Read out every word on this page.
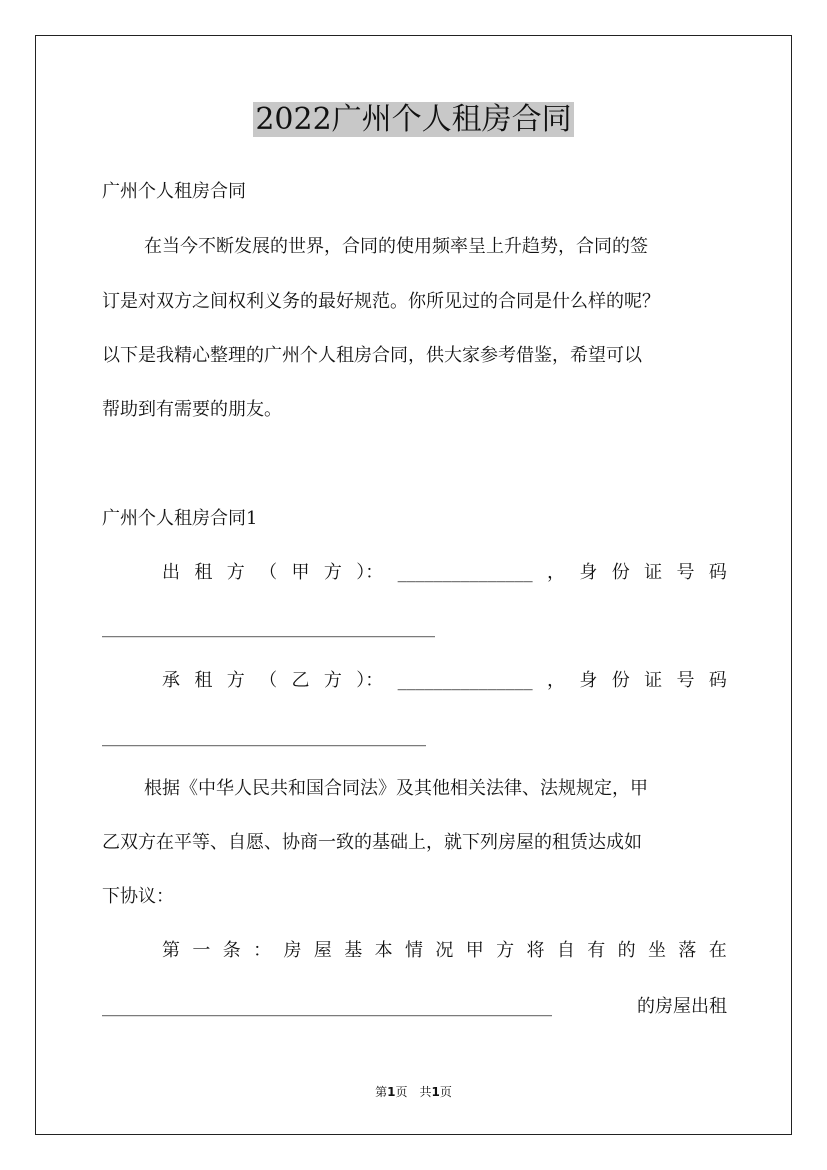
2022广州个人租房合同
广州个人租房合同
在当今不断发展的世界，合同的使用频率呈上升趋势，合同的签
订是对双方之间权利义务的最好规范。你所见过的合同是什么样的呢？
以下是我精心整理的广州个人租房合同，供大家参考借鉴，希望可以
帮助到有需要的朋友。
广州个人租房合同1
出 租 方 （ 甲 方 ）： _______________ ， 身 份 证 号 码
_____________________________________
承 租 方 （ 乙 方 ）： _______________ ， 身 份 证 号 码
____________________________________
根据《中华人民共和国合同法》及其他相关法律、法规规定，甲
乙双方在平等、自愿、协商一致的基础上，就下列房屋的租赁达成如
下协议：
第 一 条 ： 房 屋 基 本 情 况 甲 方 将 自 有 的 坐 落 在
__________________________________________________	的房屋出租
第1页　共1页
